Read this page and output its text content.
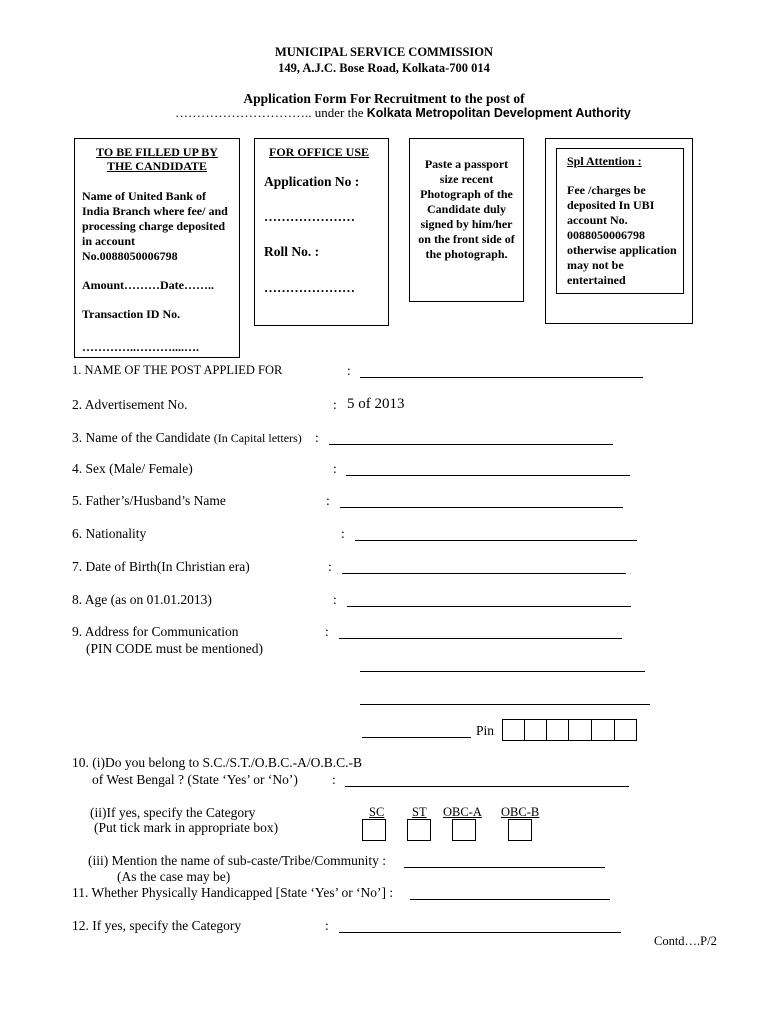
MUNICIPAL SERVICE COMMISSION
149, A.J.C. Bose Road, Kolkata-700 014
Application Form For Recruitment to the post of
………………………….. under the Kolkata Metropolitan Development Authority
TO BE FILLED UP BY
THE CANDIDATE
Name of United Bank of India Branch where fee/ and processing charge deposited in account No.0088050006798
Amount………Date……..
Transaction ID No.
…………..………....….
FOR OFFICE USE
Application No :
…………………
Roll No. :
…………………
Paste a passport size recent Photograph of the Candidate duly signed by him/her on the front side of the photograph.
Spl Attention :
Fee /charges be deposited In UBI account No. 0088050006798 otherwise application may not be entertained
1. NAME OF THE POST APPLIED FOR	:
2. Advertisement No.	: 5 of 2013
3. Name of the Candidate (In Capital letters) :
4. Sex (Male/ Female)	:
5. Father’s/Husband’s Name	:
6. Nationality	:
7. Date of Birth(In Christian era)	:
8. Age (as on 01.01.2013)	:
9. Address for Communication	:
(PIN CODE must be mentioned)
Pin
10. (i)Do you belong to S.C./S.T./O.B.C.-A/O.B.C.-B
of West Bengal ? (State ‘Yes’ or ‘No’)	:
(ii)If yes, specify the Category
(Put tick mark in appropriate box)
SC ST OBC-A OBC-B
(iii) Mention the name of sub-caste/Tribe/Community :
(As the case may be)
11. Whether Physically Handicapped [State ‘Yes’ or ‘No’] :
12. If yes, specify the Category	:
Contd….P/2
